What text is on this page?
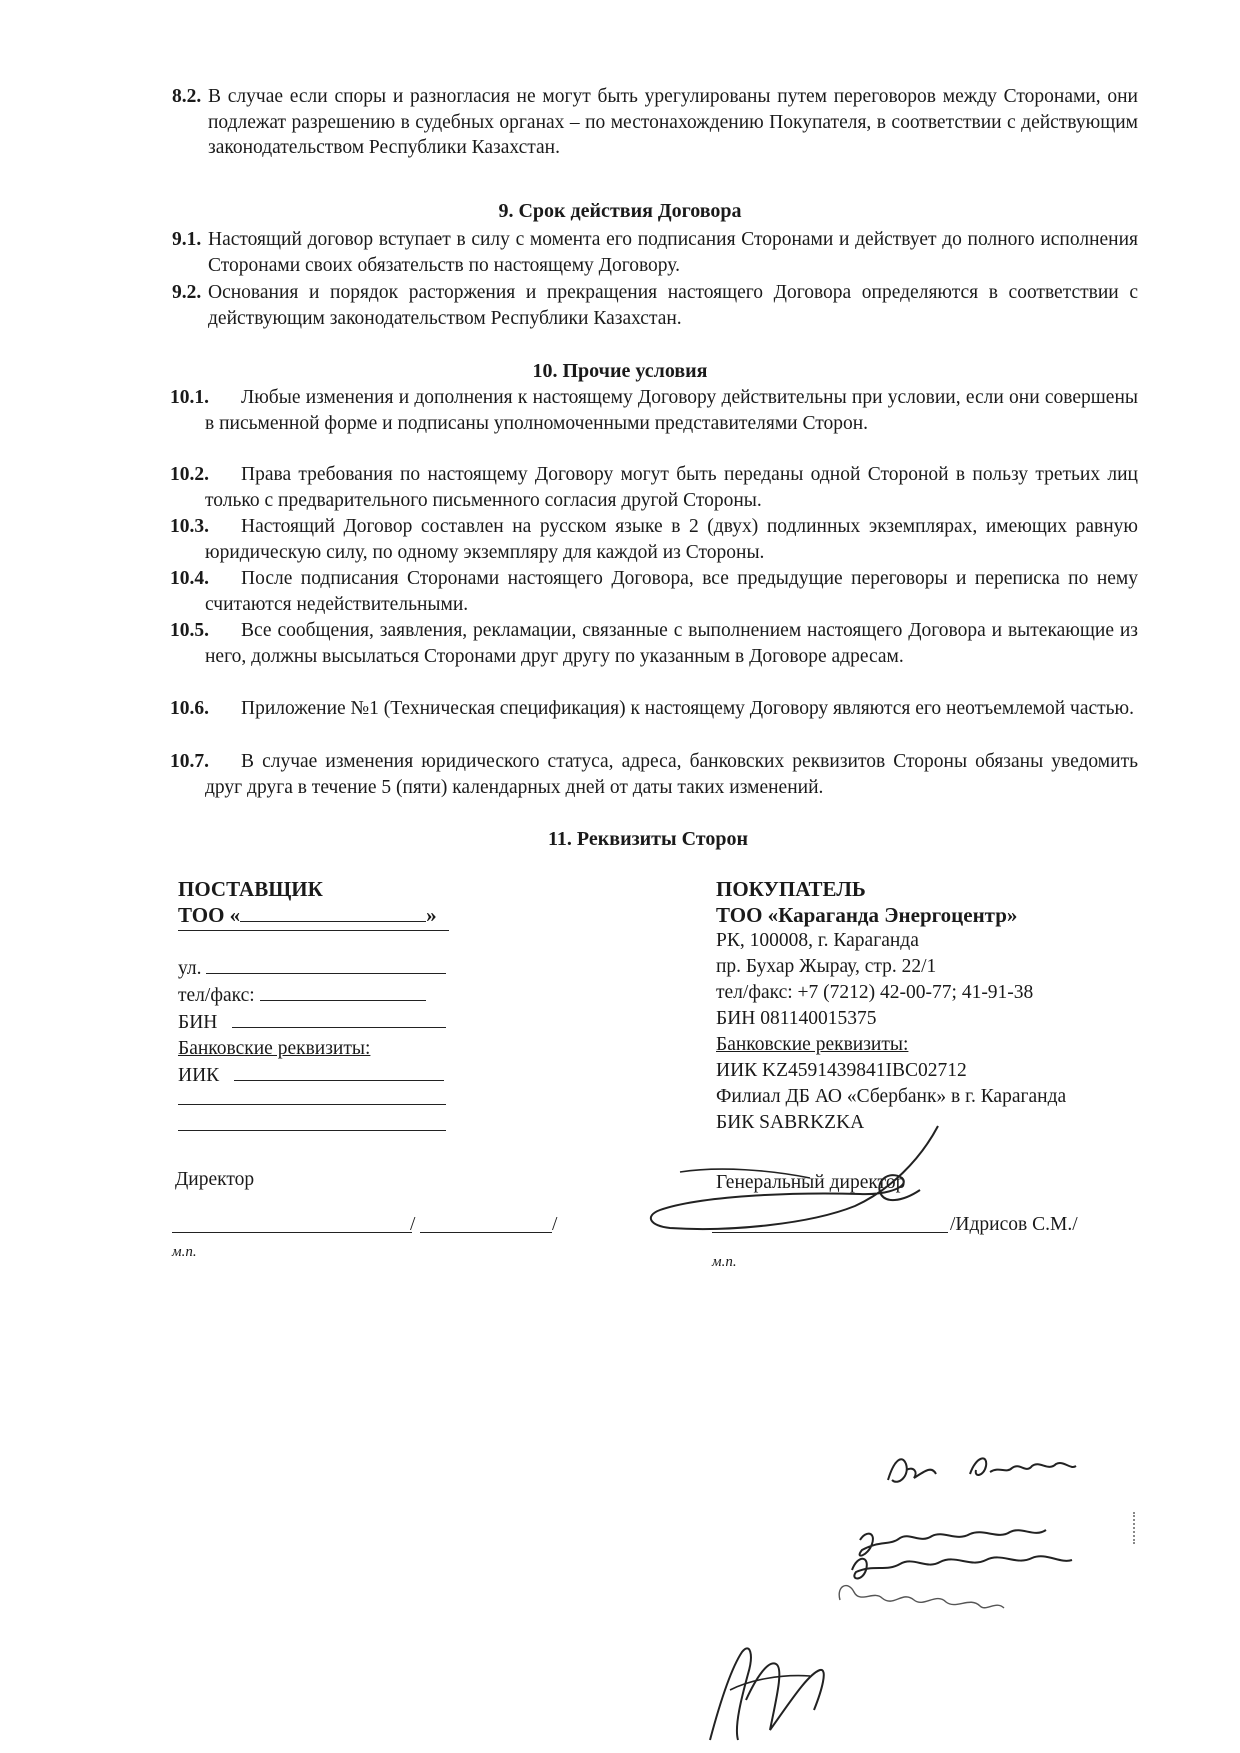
8.2. В случае если споры и разногласия не могут быть урегулированы путем переговоров между Сторонами, они подлежат разрешению в судебных органах – по местонахождению Покупателя, в соответствии с действующим законодательством Республики Казахстан.
9. Срок действия Договора
9.1. Настоящий договор вступает в силу с момента его подписания Сторонами и действует до полного исполнения Сторонами своих обязательств по настоящему Договору.
9.2. Основания и порядок расторжения и прекращения настоящего Договора определяются в соответствии с действующим законодательством Республики Казахстан.
10. Прочие условия
10.1.	Любые изменения и дополнения к настоящему Договору действительны при условии, если они совершены в письменной форме и подписаны уполномоченными представителями Сторон.
10.2.	Права требования по настоящему Договору могут быть переданы одной Стороной в пользу третьих лиц только с предварительного письменного согласия другой Стороны.
10.3.	Настоящий Договор составлен на русском языке в 2 (двух) подлинных экземплярах, имеющих равную юридическую силу, по одному экземпляру для каждой из Стороны.
10.4.	После подписания Сторонами настоящего Договора, все предыдущие переговоры и переписка по нему считаются недействительными.
10.5.	Все сообщения, заявления, рекламации, связанные с выполнением настоящего Договора и вытекающие из него, должны высылаться Сторонами друг другу по указанным в Договоре адресам.
10.6.	Приложение №1 (Техническая спецификация) к настоящему Договору являются его неотъемлемой частью.
10.7.	В случае изменения юридического статуса, адреса, банковских реквизитов Стороны обязаны уведомить друг друга в течение 5 (пяти) календарных дней от даты таких изменений.
11. Реквизиты Сторон
ПОСТАВЩИК
ТОО «	»
ул.
тел/факс:
БИН
Банковские реквизиты:
ИИК
Директор
/	/
м.п.
ПОКУПАТЕЛЬ
ТОО «Караганда Энергоцентр»
РК, 100008, г. Караганда
пр. Бухар Жырау, стр. 22/1
тел/факс: +7 (7212) 42-00-77; 41-91-38
БИН 081140015375
Банковские реквизиты:
ИИК KZ4591439841IBC02712
Филиал ДБ АО «Сбербанк» в г. Караганда
БИК SABRKZKA
Генеральный директор
/Идрисов С.М./
м.п.
